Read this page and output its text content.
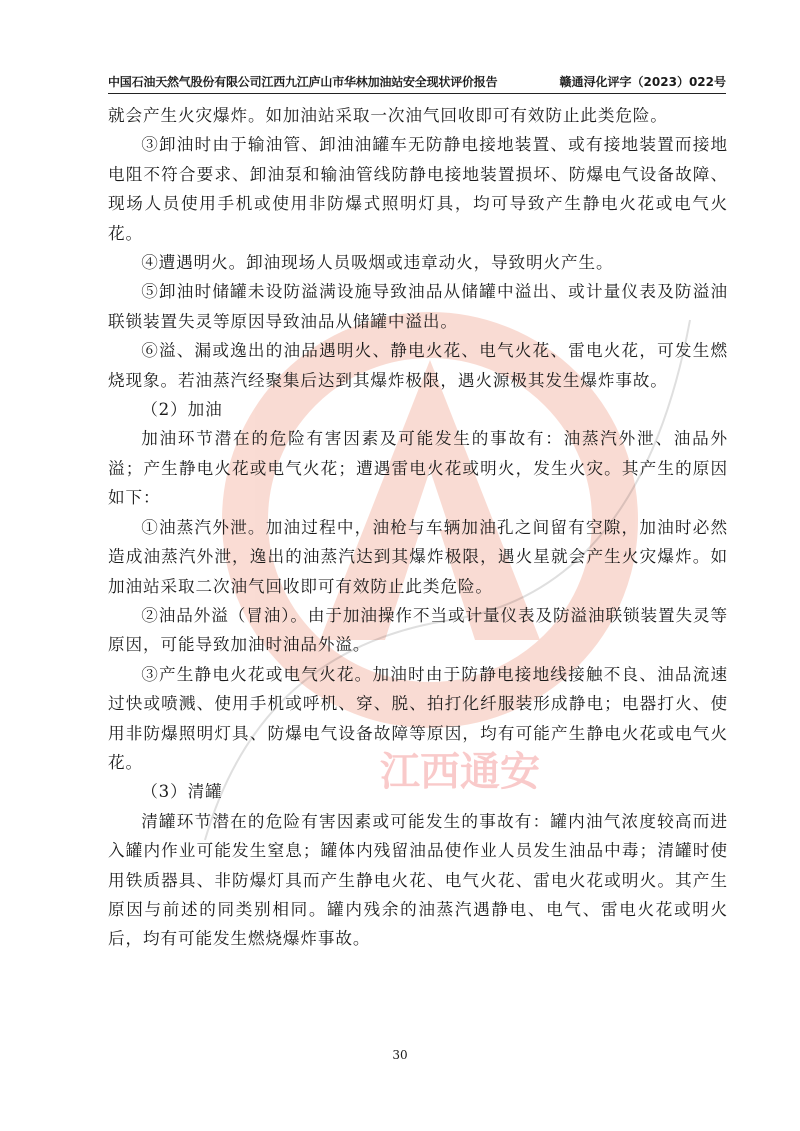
江西通安
中国石油天然气股份有限公司江西九江庐山市华林加油站安全现状评价报告	赣通浔化评字（2023）022号

就会产生火灾爆炸。如加油站采取一次油气回收即可有效防止此类危险。

③卸油时由于输油管、卸油油罐车无防静电接地装置、或有接地装置而接地电阻不符合要求、卸油泵和输油管线防静电接地装置损坏、防爆电气设备故障、现场人员使用手机或使用非防爆式照明灯具，均可导致产生静电火花或电气火花。

④遭遇明火。卸油现场人员吸烟或违章动火，导致明火产生。

⑤卸油时储罐未设防溢满设施导致油品从储罐中溢出、或计量仪表及防溢油联锁装置失灵等原因导致油品从储罐中溢出。

⑥溢、漏或逸出的油品遇明火、静电火花、电气火花、雷电火花，可发生燃烧现象。若油蒸汽经聚集后达到其爆炸极限，遇火源极其发生爆炸事故。

（2）加油

加油环节潜在的危险有害因素及可能发生的事故有：油蒸汽外泄、油品外溢；产生静电火花或电气火花；遭遇雷电火花或明火，发生火灾。其产生的原因如下：

①油蒸汽外泄。加油过程中，油枪与车辆加油孔之间留有空隙，加油时必然造成油蒸汽外泄，逸出的油蒸汽达到其爆炸极限，遇火星就会产生火灾爆炸。如加油站采取二次油气回收即可有效防止此类危险。

②油品外溢（冒油）。由于加油操作不当或计量仪表及防溢油联锁装置失灵等原因，可能导致加油时油品外溢。

③产生静电火花或电气火花。加油时由于防静电接地线接触不良、油品流速过快或喷溅、使用手机或呼机、穿、脱、拍打化纤服装形成静电；电器打火、使用非防爆照明灯具、防爆电气设备故障等原因，均有可能产生静电火花或电气火花。

（3）清罐

清罐环节潜在的危险有害因素或可能发生的事故有：罐内油气浓度较高而进入罐内作业可能发生窒息；罐体内残留油品使作业人员发生油品中毒；清罐时使用铁质器具、非防爆灯具而产生静电火花、电气火花、雷电火花或明火。其产生原因与前述的同类别相同。罐内残余的油蒸汽遇静电、电气、雷电火花或明火后，均有可能发生燃烧爆炸事故。

30
